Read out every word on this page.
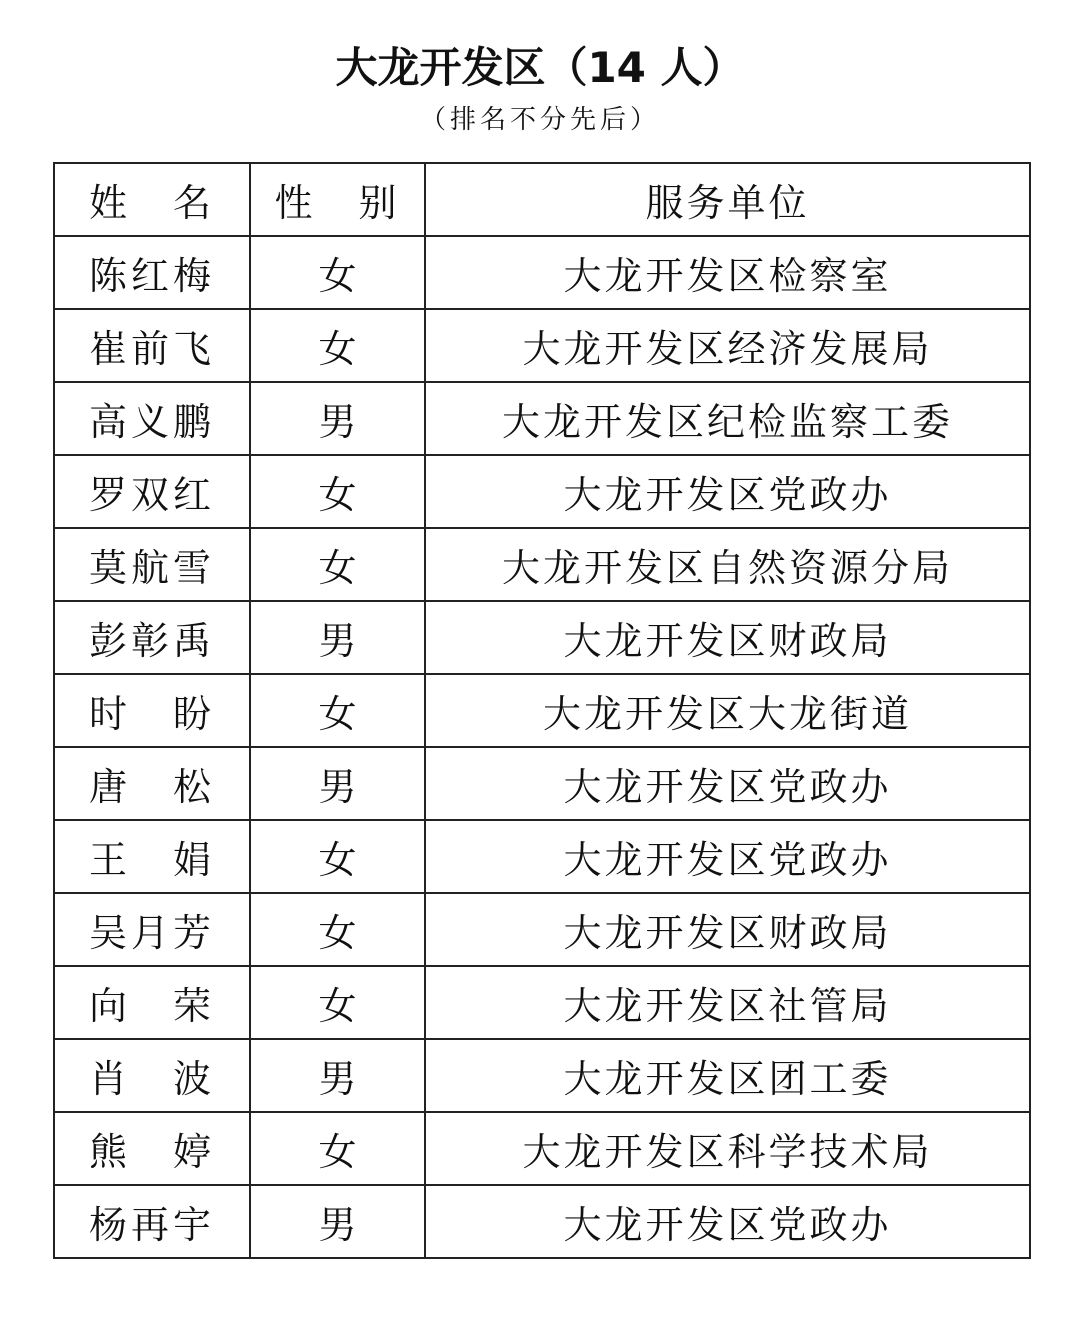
大龙开发区（14 人）
（排名不分先后）
姓　名	性　别	服务单位
陈红梅	女	大龙开发区检察室
崔前飞	女	大龙开发区经济发展局
高义鹏	男	大龙开发区纪检监察工委
罗双红	女	大龙开发区党政办
莫航雪	女	大龙开发区自然资源分局
彭彰禹	男	大龙开发区财政局
时　盼	女	大龙开发区大龙街道
唐　松	男	大龙开发区党政办
王　娟	女	大龙开发区党政办
吴月芳	女	大龙开发区财政局
向　荣	女	大龙开发区社管局
肖　波	男	大龙开发区团工委
熊　婷	女	大龙开发区科学技术局
杨再宇	男	大龙开发区党政办
